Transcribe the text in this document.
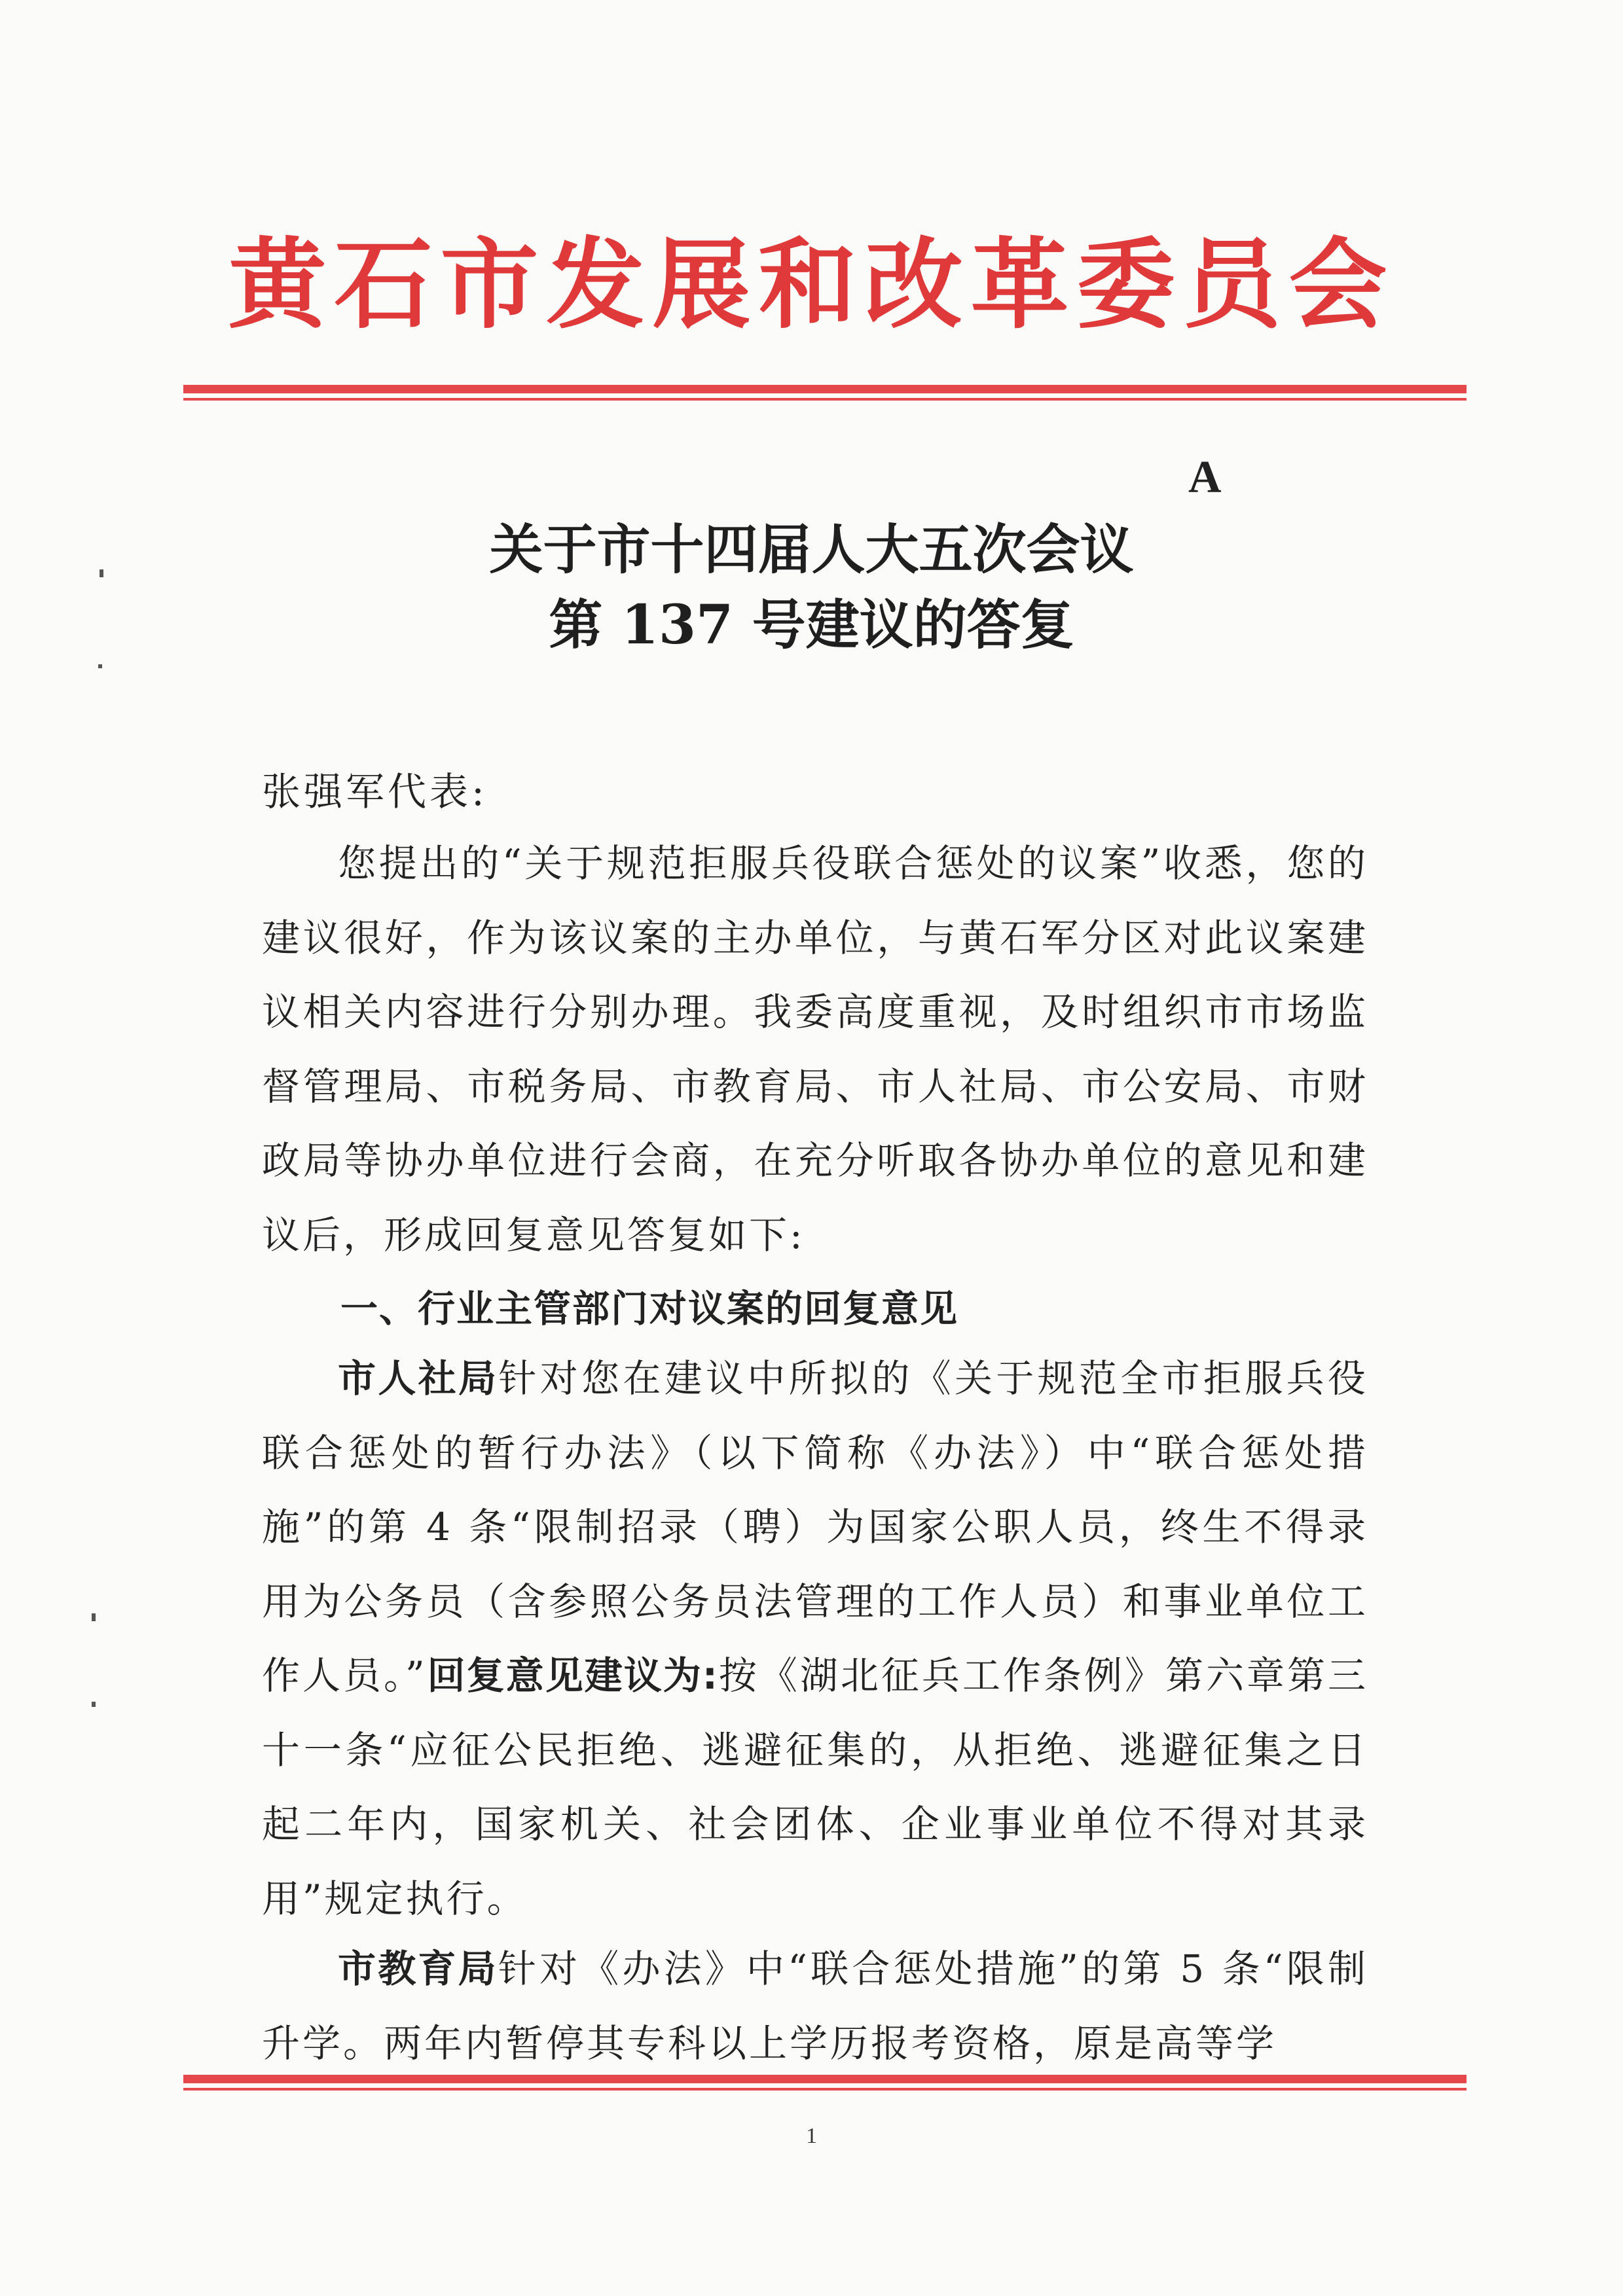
黄石市发展和改革委员会
A
关于市十四届人大五次会议
第 137 号建议的答复
张强军代表:

您提出的“关于规范拒服兵役联合惩处的议案”收悉，您的建议很好，作为该议案的主办单位，与黄石军分区对此议案建议相关内容进行分别办理。我委高度重视，及时组织市市场监督管理局、市税务局、市教育局、市人社局、市公安局、市财政局等协办单位进行会商，在充分听取各协办单位的意见和建议后，形成回复意见答复如下:

一、行业主管部门对议案的回复意见

市人社局针对您在建议中所拟的《关于规范全市拒服兵役联合惩处的暂行办法》（以下简称《办法》）中“联合惩处措施”的第 4 条“限制招录（聘）为国家公职人员，终生不得录用为公务员（含参照公务员法管理的工作人员）和事业单位工作人员。”回复意见建议为:按《湖北征兵工作条例》第六章第三十一条“应征公民拒绝、逃避征集的，从拒绝、逃避征集之日起二年内，国家机关、社会团体、企业事业单位不得对其录用”规定执行。

市教育局针对《办法》中“联合惩处措施”的第 5 条“限制升学。两年内暂停其专科以上学历报考资格，原是高等学

1
